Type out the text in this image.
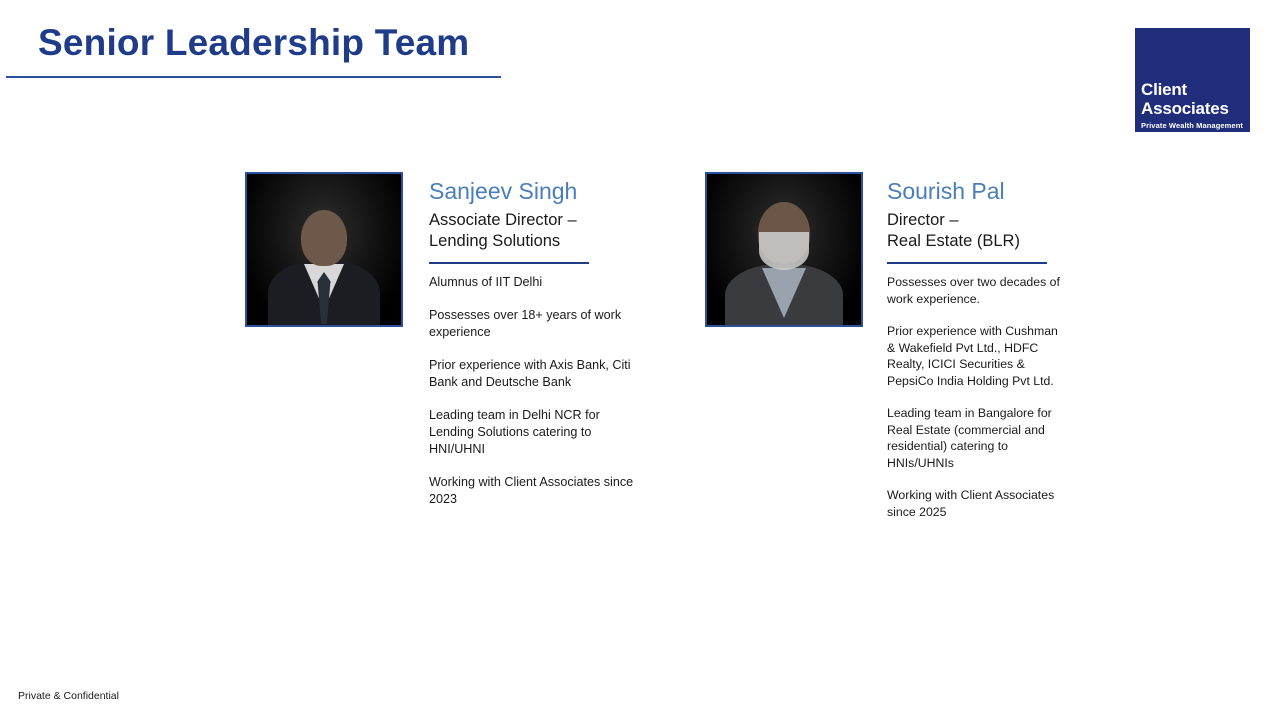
Senior Leadership Team
Client
Associates
Private Wealth Management
Sanjeev Singh
Associate Director –
Lending Solutions
Alumnus of IIT Delhi
Possesses over 18+ years of work experience
Prior experience with Axis Bank, Citi Bank and Deutsche Bank
Leading team in Delhi NCR for Lending Solutions catering to HNI/UHNI
Working with Client Associates since 2023
Sourish Pal
Director –
Real Estate (BLR)
Possesses over two decades of work experience.
Prior experience with Cushman & Wakefield Pvt Ltd., HDFC Realty, ICICI Securities & PepsiCo India Holding Pvt Ltd.
Leading team in Bangalore for Real Estate (commercial and residential) catering to HNIs/UHNIs
Working with Client Associates since 2025
Private & Confidential
